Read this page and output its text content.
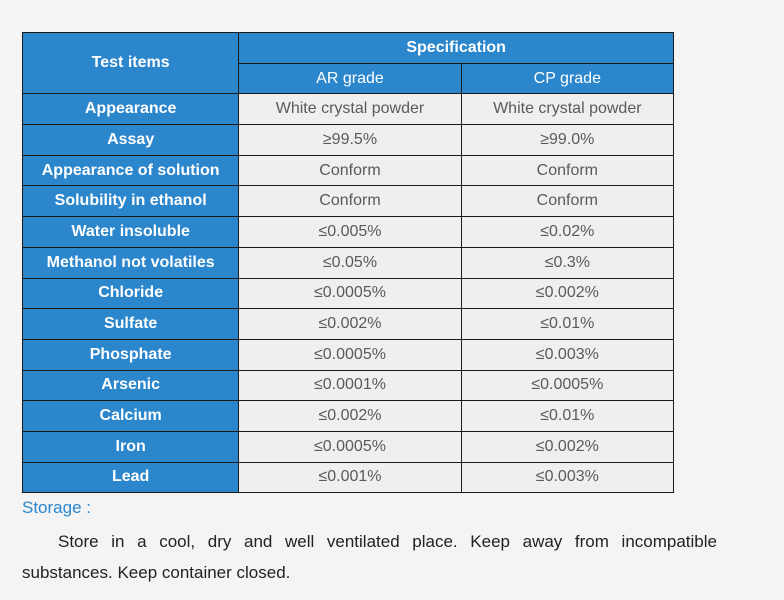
Test items	Specification	
	AR grade	CP grade
Appearance	White crystal powder	White crystal powder
Assay	≥99.5%	≥99.0%
Appearance of solution	Conform	Conform
Solubility in ethanol	Conform	Conform
Water insoluble	≤0.005%	≤0.02%
Methanol not volatiles	≤0.05%	≤0.3%
Chloride	≤0.0005%	≤0.002%
Sulfate	≤0.002%	≤0.01%
Phosphate	≤0.0005%	≤0.003%
Arsenic	≤0.0001%	≤0.0005%
Calcium	≤0.002%	≤0.01%
Iron	≤0.0005%	≤0.002%
Lead	≤0.001%	≤0.003%
Storage :

Store in a cool, dry and well ventilated place. Keep away from incompatible substances. Keep container closed.
